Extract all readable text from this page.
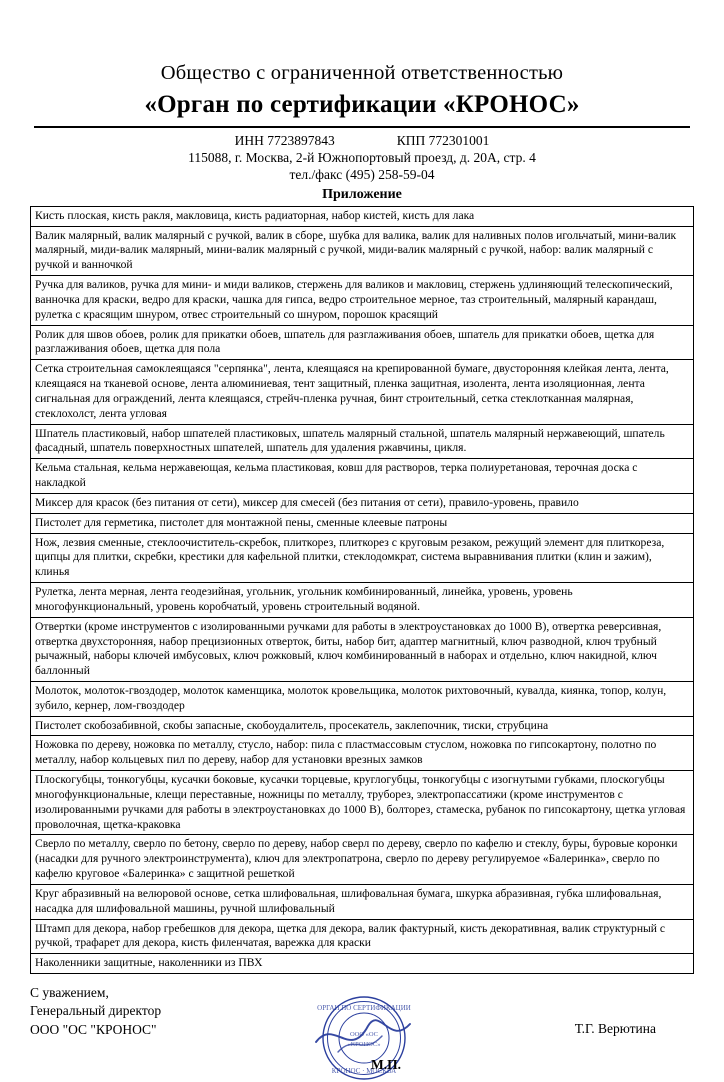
Общество с ограниченной ответственностью
«Орган по сертификации «КРОНОС»
ИНН 7723897843	КПП 772301001
115088, г. Москва, 2-й Южнопортовый проезд, д. 20А, стр. 4
тел./факс (495) 258-59-04
Приложение
Кисть плоская, кисть ракля, макловица, кисть радиаторная, набор кистей, кисть для лака
Валик малярный, валик малярный с ручкой, валик в сборе, шубка для валика, валик для наливных полов игольчатый, мини-валик малярный, миди-валик малярный, мини-валик малярный с ручкой, миди-валик малярный с ручкой, набор: валик малярный с ручкой и ванночкой
Ручка для валиков, ручка для мини- и миди валиков, стержень для валиков и макловиц, стержень удлиняющий телескопический, ванночка для краски, ведро для краски, чашка для гипса, ведро строительное мерное, таз строительный, малярный карандаш, рулетка с красящим шнуром, отвес строительный со шнуром, порошок красящий
Ролик для швов обоев, ролик для прикатки обоев, шпатель для разглаживания обоев, шпатель для прикатки обоев, щетка для разглаживания обоев, щетка для пола
Сетка строительная самоклеящаяся "серпянка", лента, клеящаяся на крепированной бумаге, двусторонняя клейкая лента, лента, клеящаяся на тканевой основе, лента алюминиевая, тент защитный, пленка защитная, изолента, лента изоляционная, лента сигнальная для ограждений, лента клеящаяся, стрейч-пленка ручная, бинт строительный, сетка стеклотканная малярная, стеклохолст, лента угловая
Шпатель пластиковый, набор шпателей пластиковых, шпатель малярный стальной, шпатель малярный нержавеющий, шпатель фасадный, шпатель поверхностных шпателей, шпатель для удаления ржавчины, цикля.
Кельма стальная, кельма нержавеющая, кельма пластиковая, ковш для растворов, терка полиуретановая, терочная доска с накладкой
Миксер для красок (без питания от сети), миксер для смесей (без питания от сети), правило-уровень, правило
Пистолет для герметика, пистолет для монтажной пены, сменные клеевые патроны
Нож, лезвия сменные, стеклоочиститель-скребок, плиткорез, плиткорез с круговым резаком, режущий элемент для плиткореза, щипцы для плитки, скребки, крестики для кафельной плитки, стеклодомкрат, система выравнивания плитки (клин и зажим), клинья
Рулетка, лента мерная, лента геодезийная, угольник, угольник комбинированный, линейка, уровень, уровень многофункциональный, уровень коробчатый, уровень строительный водяной.
Отвертки (кроме инструментов с изолированными ручками для работы в электроустановках до 1000 В), отвертка реверсивная, отвертка двухсторонняя, набор прецизионных отверток, биты, набор бит, адаптер магнитный, ключ разводной, ключ трубный рычажный, наборы ключей имбусовых, ключ рожковый, ключ комбинированный в наборах и отдельно, ключ накидной, ключ баллонный
Молоток, молоток-гвоздодер, молоток каменщика, молоток кровельщика, молоток рихтовочный, кувалда, киянка, топор, колун, зубило, кернер, лом-гвоздодер
Пистолет скобозабивной, скобы запасные, скобоудалитель, просекатель, заклепочник, тиски, струбцина
Ножовка по дереву, ножовка по металлу, стусло, набор: пила с пластмассовым стуслом, ножовка по гипсокартону, полотно по металлу, набор кольцевых пил по дереву, набор для установки врезных замков
Плоскогубцы, тонкогубцы, кусачки боковые, кусачки торцевые, круглогубцы, тонкогубцы с изогнутыми губками, плоскогубцы многофункциональные, клещи переставные, ножницы по металлу, труборез, электропассатижи (кроме инструментов с изолированными ручками для работы в электроустановках до 1000 В), болторез, стамеска, рубанок по гипсокартону, щетка угловая проволочная, щетка-краковка
Сверло по металлу, сверло по бетону, сверло по дереву, набор сверл по дереву, сверло по кафелю и стеклу, буры, буровые коронки (насадки для ручного электроинструмента), ключ для электропатрона, сверло по дереву регулируемое «Балеринка», сверло по кафелю круговое «Балеринка» с защитной решеткой
Круг абразивный на велюровой основе, сетка шлифовальная, шлифовальная бумага, шкурка абразивная, губка шлифовальная, насадка для шлифовальной машины, ручной шлифовальный
Штамп для декора, набор гребешков для декора, щетка для декора, валик фактурный, кисть декоративная, валик структурный с ручкой, трафарет для декора, кисть филенчатая, варежка для краски
Наколенники защитные, наколенники из ПВХ
С уважением,
Генеральный директор
ООО "ОС "КРОНОС"
ОРГАН ПО СЕРТИФИКАЦИИ
КРОНОС · МОСКВА
ООО «ОС
«КРОНОС»
М.П.
Т.Г. Верютина
